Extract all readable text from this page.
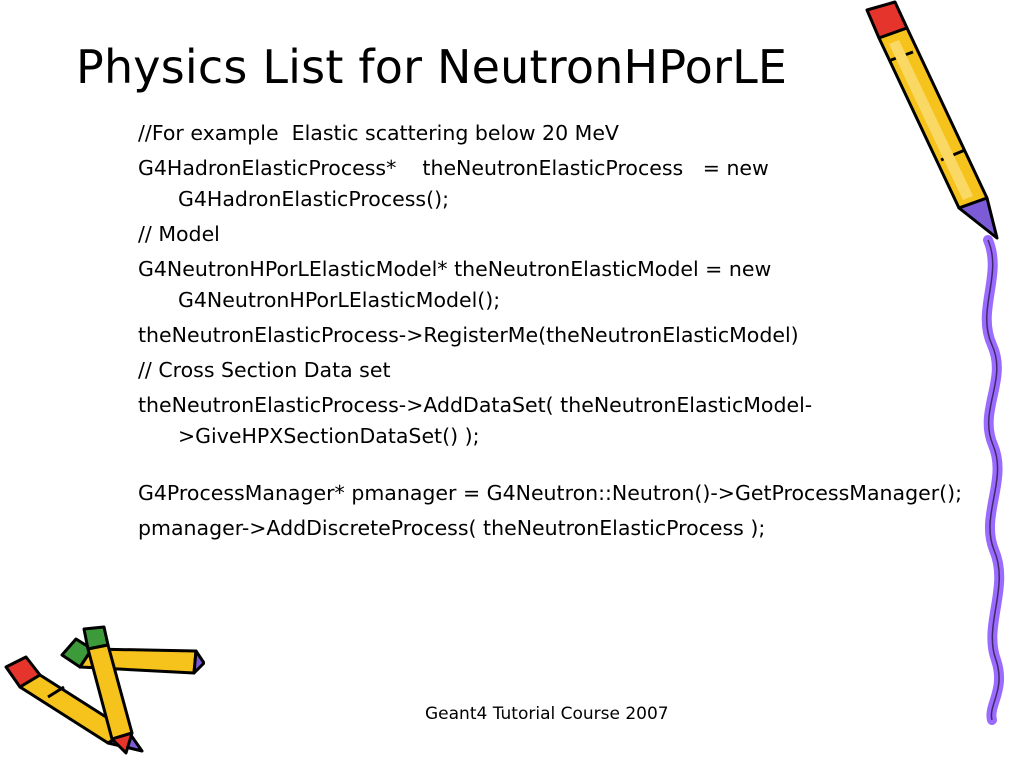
Physics List for NeutronHPorLE
//For example  Elastic scattering below 20 MeV
G4HadronElasticProcess*    theNeutronElasticProcess   = new G4HadronElasticProcess();
// Model
G4NeutronHPorLElasticModel* theNeutronElasticModel = new G4NeutronHPorLElasticModel();
theNeutronElasticProcess->RegisterMe(theNeutronElasticModel)
// Cross Section Data set
theNeutronElasticProcess->AddDataSet( theNeutronElasticModel->GiveHPXSectionDataSet() );
G4ProcessManager* pmanager = G4Neutron::Neutron()->GetProcessManager();
pmanager->AddDiscreteProcess( theNeutronElasticProcess );
Geant4 Tutorial Course 2007
